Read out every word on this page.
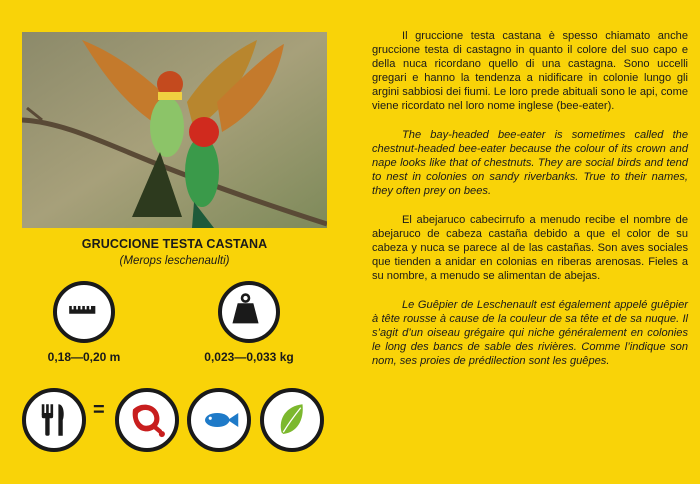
GRUCCIONE TESTA CASTANA
(Merops leschenaulti)
0,18—0,20 m	0,023—0,033 kg
=

Il gruccione testa castana è spesso chiamato anche gruccione testa di castagno in quanto il colore del suo capo e della nuca ricordano quello di una castagna. Sono uccelli gregari e hanno la tendenza a nidificare in colonie lungo gli argini sabbiosi dei fiumi. Le loro prede abituali sono le api, come viene ricordato nel loro nome inglese (bee-eater).

The bay-headed bee-eater is sometimes called the chestnut-headed bee-eater because the colour of its crown and nape looks like that of chestnuts. They are social birds and tend to nest in colonies on sandy riverbanks. True to their names, they often prey on bees.

El abejaruco cabecirrufo a menudo recibe el nombre de abejaruco de cabeza castaña debido a que el color de su cabeza y nuca se parece al de las castañas. Son aves sociales que tienden a anidar en colonias en riberas arenosas. Fieles a su nombre, a menudo se alimentan de abejas.

Le Guêpier de Leschenault est également appelé guêpier à tête rousse à cause de la couleur de sa tête et de sa nuque. Il s’agit d’un oiseau grégaire qui niche généralement en colonies le long des bancs de sable des rivières. Comme l’indique son nom, ses proies de prédilection sont les guêpes.
